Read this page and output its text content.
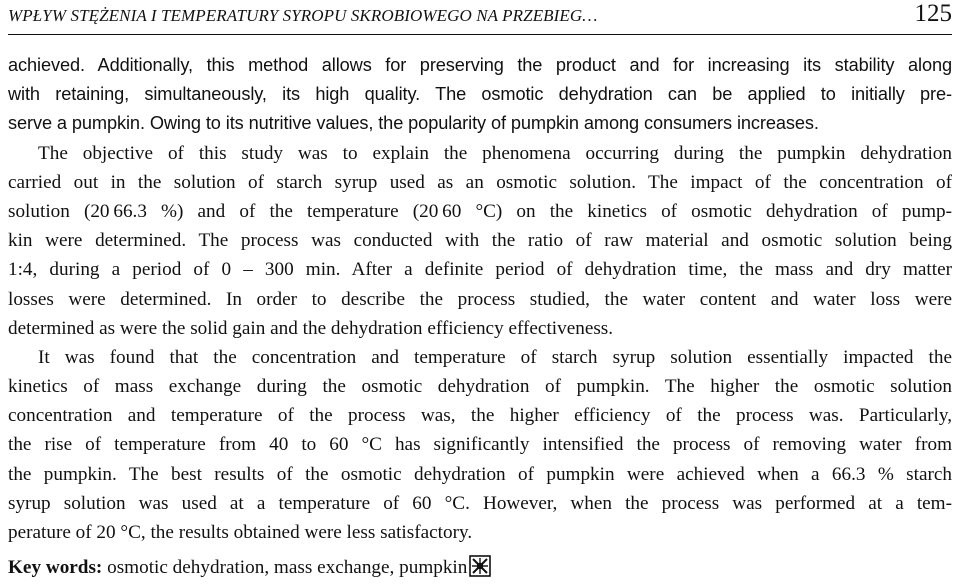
WPŁYW STĘŻENIA I TEMPERATURY SYROPU SKROBIOWEGO NA PRZEBIEG…	125
achieved. Additionally, this method allows for preserving the product and for increasing its stability along
with retaining, simultaneously, its high quality. The osmotic dehydration can be applied to initially pre-
serve a pumpkin. Owing to its nutritive values, the popularity of pumpkin among consumers increases.
The objective of this study was to explain the phenomena occurring during the pumpkin dehydration
carried out in the solution of starch syrup used as an osmotic solution. The impact of the concentration of
solution (20 66.3 %) and of the temperature (20 60 °C) on the kinetics of osmotic dehydration of pump-
kin were determined. The process was conducted with the ratio of raw material and osmotic solution being
1:4, during a period of 0 – 300 min. After a definite period of dehydration time, the mass and dry matter
losses were determined. In order to describe the process studied, the water content and water loss were
determined as were the solid gain and the dehydration efficiency effectiveness.
It was found that the concentration and temperature of starch syrup solution essentially impacted the
kinetics of mass exchange during the osmotic dehydration of pumpkin. The higher the osmotic solution
concentration and temperature of the process was, the higher efficiency of the process was. Particularly,
the rise of temperature from 40 to 60 °C has significantly intensified the process of removing water from
the pumpkin. The best results of the osmotic dehydration of pumpkin were achieved when a 66.3 % starch
syrup solution was used at a temperature of 60 °C. However, when the process was performed at a tem-
perature of 20 °C, the results obtained were less satisfactory.
Key words: osmotic dehydration, mass exchange, pumpkin
